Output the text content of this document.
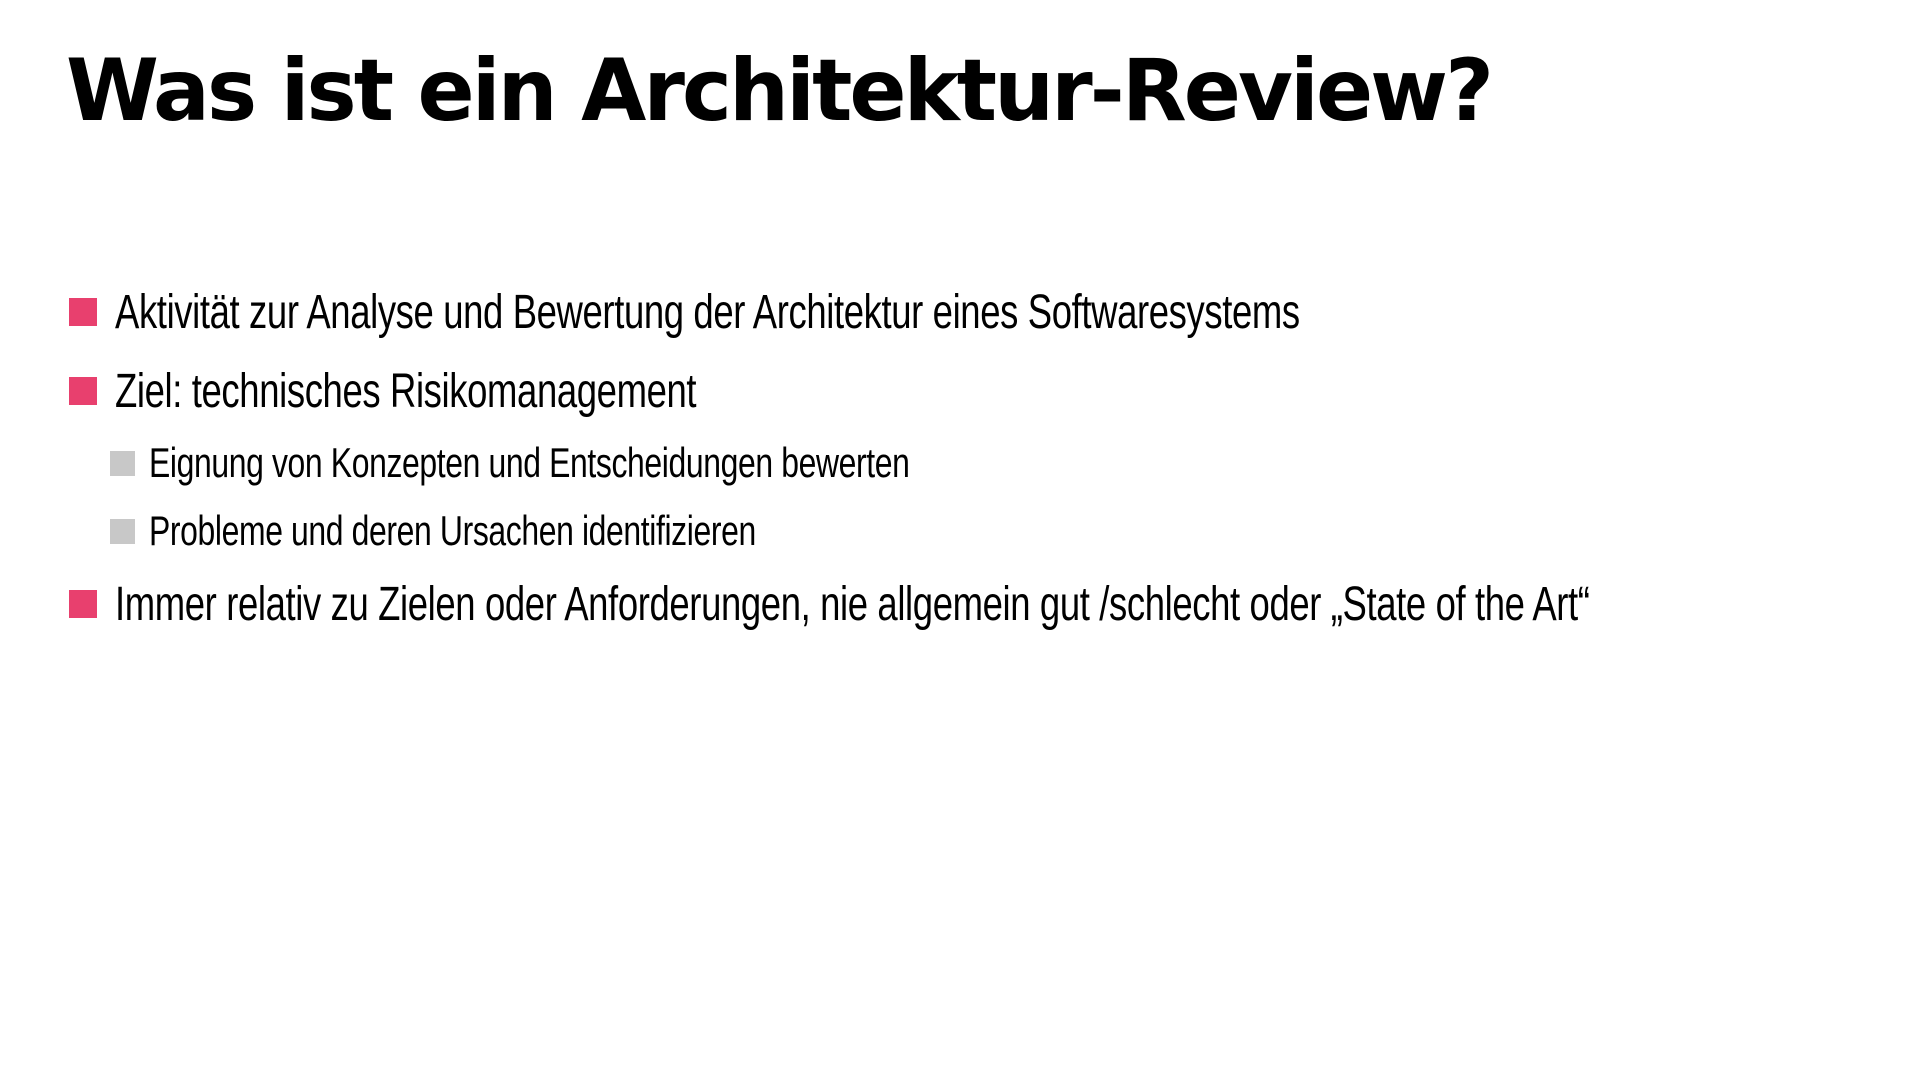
Was ist ein Architektur-Review?
Aktivität zur Analyse und Bewertung der Architektur eines Softwaresystems
Ziel: technisches Risikomanagement
Eignung von Konzepten und Entscheidungen bewerten
Probleme und deren Ursachen identifizieren
Immer relativ zu Zielen oder Anforderungen, nie allgemein gut /schlecht oder „State of the Art“
